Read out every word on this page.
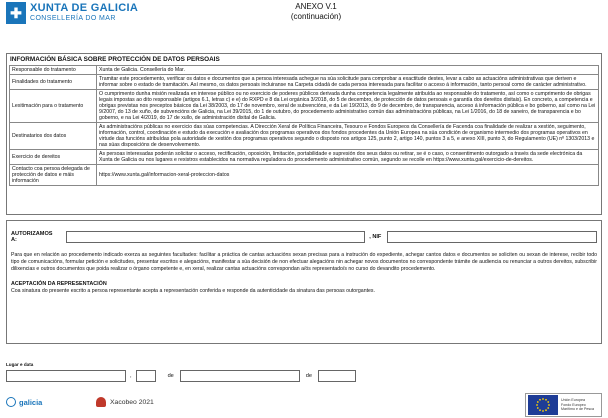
✚ XUNTA DE GALICIA
CONSELLERÍA DO MAR
ANEXO V.1
(continuación)
INFORMACIÓN BÁSICA SOBRE PROTECCIÓN DE DATOS PERSOAIS
Responsable do tratamento	Xunta de Galicia. Consellería do Mar.
Finalidades do tratamento	Tramitar este procedemento, verificar os datos e documentos que a persoa interesada achegue na súa solicitude para comprobar a exactitude destes, levar a cabo as actuacións administrativas que deriven e informar sobre o estado de tramitación. Así mesmo, os datos persoais incluiranse na Carpeta cidadá de cada persoa interesada para facilitar o acceso á información, tanto persoal como de carácter administrativo.
Lexitimación para o tratamento	O cumprimento dunha misión realizada en interese público ou no exercicio de poderes públicos derivada dunha competencia legalmente atribuída ao responsable do tratamento, así como o cumprimento de obrigas legais impostas ao dito responsable (artigos 6.1, letras c) e e) do RXPD e 8 da Lei orgánica 3/2018, do 5 de decembro, de protección de datos persoais e garantía dos dereitos dixitais). En concreto, a competencia e obrigas previstas nos preceptos básicos da Lei 38/2003, do 17 de novembro, xeral de subvencións, e da Lei 19/2013, do 9 de decembro, de transparencia, acceso á información pública e bo goberno, así como na Lei 9/2007, do 13 de xuño, de subvencións de Galicia, na Lei 39/2015, do 1 de outubro, do procedemento administrativo común das administracións públicas, na Lei 1/2016, do 18 de xaneiro, de transparencia e bo goberno, e na Lei 4/2019, do 17 de xullo, de administración dixital de Galicia.
Destinatarios dos datos	As administracións públicas no exercicio das súas competencias. A Dirección Xeral de Política Financeira, Tesouro e Fondos Europeos da Consellería de Facenda coa finalidade de realizar a xestión, seguimento, información, control, coordinación e estudo da execución e avaliación dos programas operativos dos fondos procedentes da Unión Europea na súa condición de organismo intermedio dos programas operativos en virtude das funcións atribuídas pola autoridade de xestión dos programas operativos segundo o disposto nos artigos 125, punto 2, artigo 140, puntos 3 a 5, e anexo XIII, punto 3, do Regulamento (UE) nº 1303/2013 e nas súas disposicións de desenvolvemento.
Exercicio de dereitos	As persoas interesadas poderán solicitar o acceso, rectificación, oposición, limitación, portabilidade e supresión dos seus datos ou retirar, se é o caso, o consentimento outorgado a través da sede electrónica da Xunta de Galicia ou nos lugares e rexistros establecidos na normativa reguladora do procedemento administrativo común, segundo se recolle en https://www.xunta.gal/exercicio-de-dereitos.
Contacto coa persoa delegada de protección de datos e máis información	https://www.xunta.gal/informacion-xeral-proteccion-datos
AUTORIZAMOS A:	, NIF
Para que en relación ao procedemento indicado exerza as seguintes facultades: facilitar a práctica de cantas actuacións sexan precisas para a instrución do expediente, achegar cantos datos e documentos se soliciten ou sexan de interese, recibir todo tipo de comunicacións, formular petición e solicitudes, presentar escritos e alegacións, manifestar a súa decisión de non efectuar alegacións nin achegar novos documentos no correspondente trámite de audiencia ou renunciar a outros dereitos, subscribir dilixencias e outros documentos que poida realizar o órgano competente e, en xeral, realizar cantas actuacións correspondan a/ós representado/s no curso do devandito procedemento.
ACEPTACIÓN DA REPRESENTACIÓN
Coa sinatura do presente escrito a persoa representante acepta a representación conferida e responde da autenticidade da sinatura das persoas outorgantes.
Lugar e data
,	de	de
galicia	Xacobeo 2021	Unión Europea
Fondo Europeo
Marítimo e de Pesca
